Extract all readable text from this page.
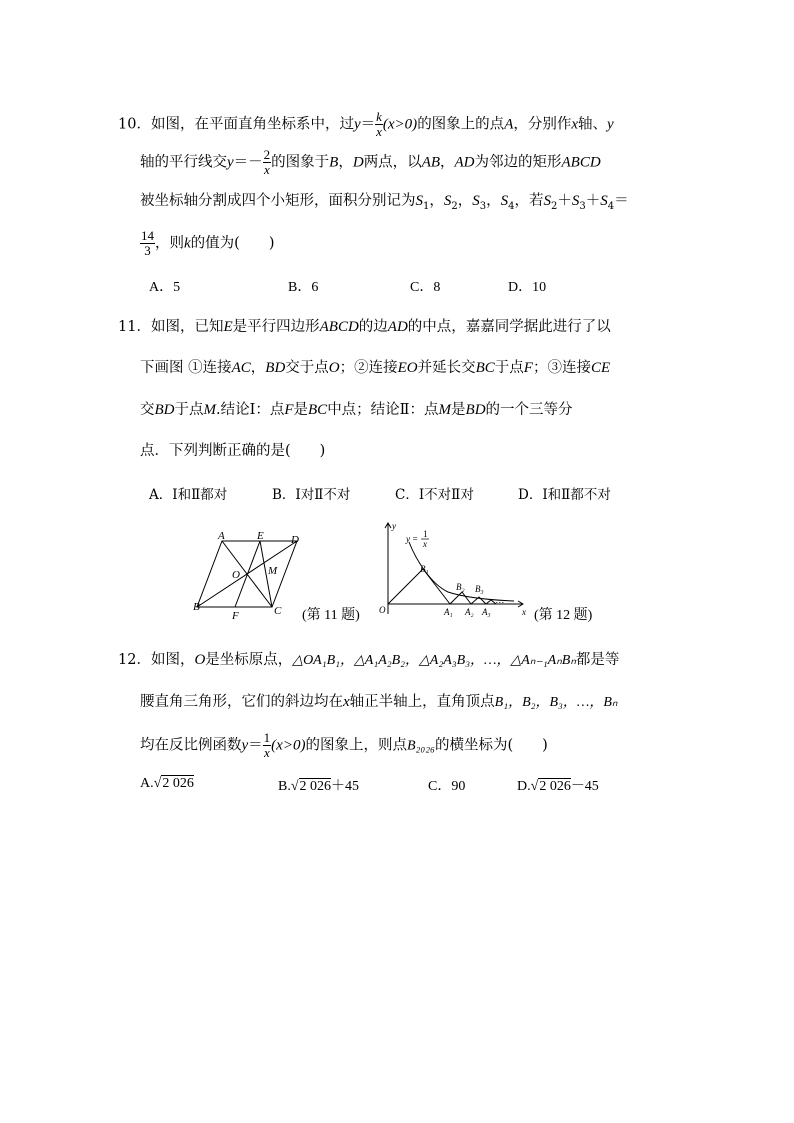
10．如图，在平面直角坐标系中，过$y= \frac{k}{x} (x>0)$的图象上的点A，分别作x轴、y
轴的平行线交$y=- \frac{2}{x}$ 的图象于B，D两点，以AB，AD为邻边的矩形ABCD
被坐标轴分割成四个小矩形，面积分别记为$S_1$，$S_2$，$S_3$，$S_4$，若$S_2+S_3+S_4=$
$\frac{14}{3}$ ，则k的值为(　　)
A．5	B．6	C．8	D．10
11．如图，已知E是平行四边形ABCD的边AD的中点，嘉嘉同学据此进行了以
下画图 ①连接AC，BD交于点O；②连接EO并延长交BC于点F；③连接CE
交BD于点M.结论Ⅰ：点F是BC中点；结论Ⅱ：点M是BD的一个三等分
点．下列判断正确的是(　　)
A．Ⅰ和Ⅱ都对	B．Ⅰ对Ⅱ不对	C．Ⅰ不对Ⅱ对	D．Ⅰ和Ⅱ都不对
A	E D
O	M
B
F	C (第 11 题)
y
x
O
y = 1
x
B₁
B₂ B₃
A₁ A₂ A₃
…
(第 12 题)
12．如图，O是坐标原点，△OA₁B₁，△A₁A₂B₂，△A₂A₃B₃，…，△Aₙ₋₁AₙBₙ都是等
腰直角三角形，它们的斜边均在x轴正半轴上，直角顶点B₁，B₂，B₃，…，Bₙ
均在反比例函数$y= \frac{1}{x} (x>0)$的图象上，则点B₂₀₂₆的横坐标为(　　)
A.√2 026	B.√2 026＋45	C．90	D.√2 026－45
